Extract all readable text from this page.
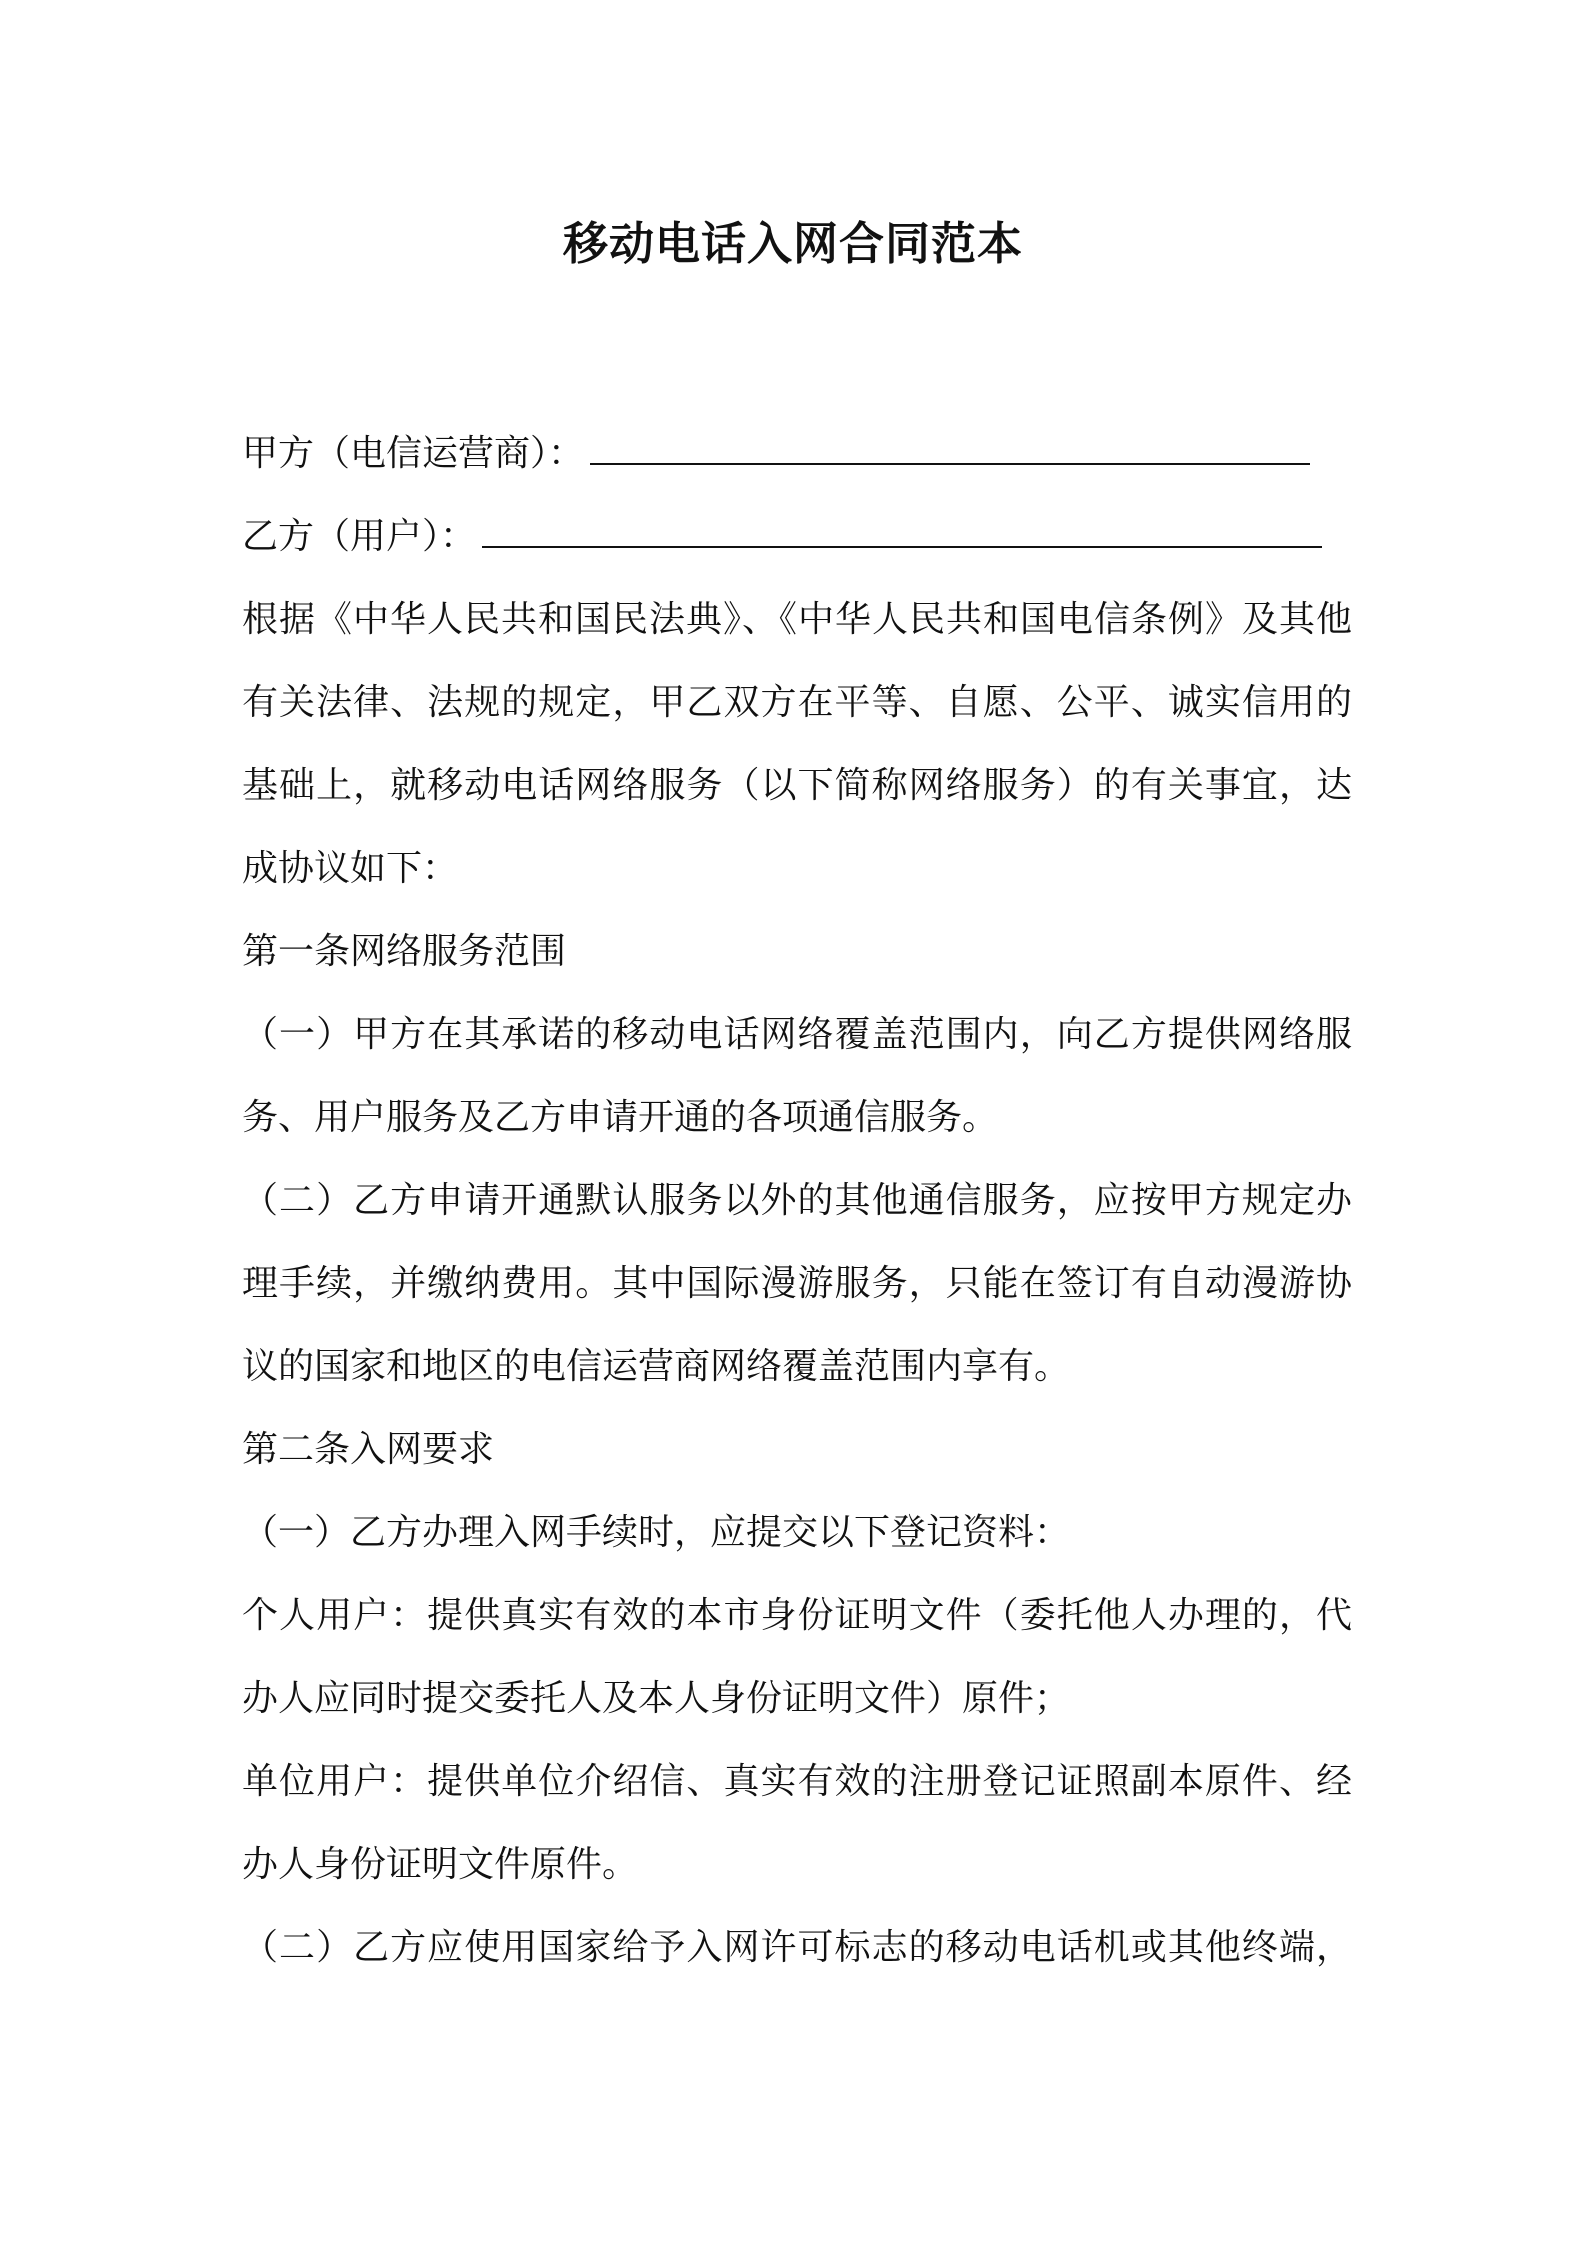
移动电话入网合同范本
甲方（电信运营商）：
乙方（用户）：
根据《中华人民共和国民法典》、《中华人民共和国电信条例》及其他
有关法律、法规的规定，甲乙双方在平等、自愿、公平、诚实信用的
基础上，就移动电话网络服务（以下简称网络服务）的有关事宜，达
成协议如下：
第一条网络服务范围
（一）甲方在其承诺的移动电话网络覆盖范围内，向乙方提供网络服
务、用户服务及乙方申请开通的各项通信服务。
（二）乙方申请开通默认服务以外的其他通信服务，应按甲方规定办
理手续，并缴纳费用。其中国际漫游服务，只能在签订有自动漫游协
议的国家和地区的电信运营商网络覆盖范围内享有。
第二条入网要求
（一）乙方办理入网手续时，应提交以下登记资料：
个人用户：提供真实有效的本市身份证明文件（委托他人办理的，代
办人应同时提交委托人及本人身份证明文件）原件；
单位用户：提供单位介绍信、真实有效的注册登记证照副本原件、经
办人身份证明文件原件。
（二）乙方应使用国家给予入网许可标志的移动电话机或其他终端，
